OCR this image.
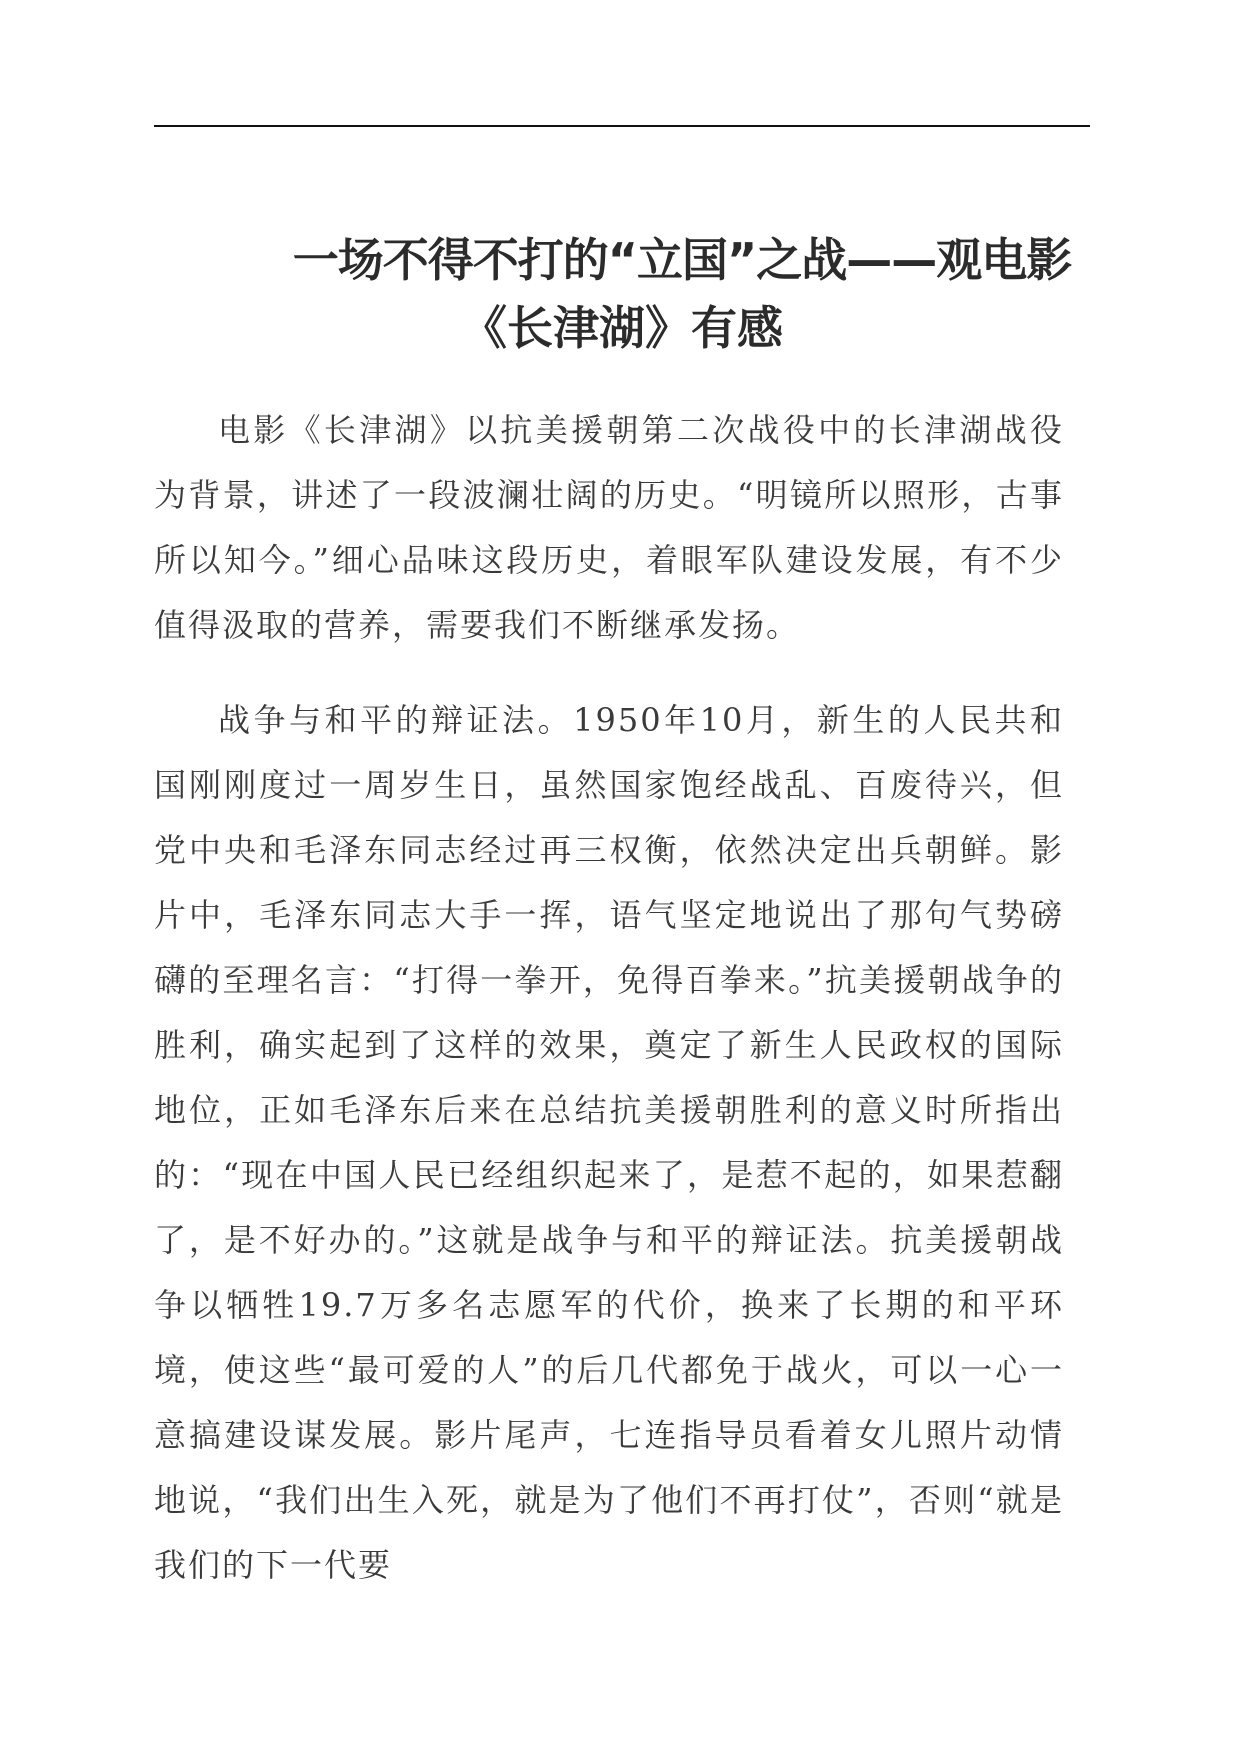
一场不得不打的“立国”之战——观电影
《长津湖》有感

电影《长津湖》以抗美援朝第二次战役中的长津湖战役为背景，讲述了一段波澜壮阔的历史。“明镜所以照形，古事所以知今。”细心品味这段历史，着眼军队建设发展，有不少值得汲取的营养，需要我们不断继承发扬。

战争与和平的辩证法。1950年10月，新生的人民共和国刚刚度过一周岁生日，虽然国家饱经战乱、百废待兴，但党中央和毛泽东同志经过再三权衡，依然决定出兵朝鲜。影片中，毛泽东同志大手一挥，语气坚定地说出了那句气势磅礴的至理名言：“打得一拳开，免得百拳来。”抗美援朝战争的胜利，确实起到了这样的效果，奠定了新生人民政权的国际地位，正如毛泽东后来在总结抗美援朝胜利的意义时所指出的：“现在中国人民已经组织起来了，是惹不起的，如果惹翻了，是不好办的。”这就是战争与和平的辩证法。抗美援朝战争以牺牲19.7万多名志愿军的代价，换来了长期的和平环境，使这些“最可爱的人”的后几代都免于战火，可以一心一意搞建设谋发展。影片尾声，七连指导员看着女儿照片动情地说，“我们出生入死，就是为了他们不再打仗”，否则“就是我们的下一代要
